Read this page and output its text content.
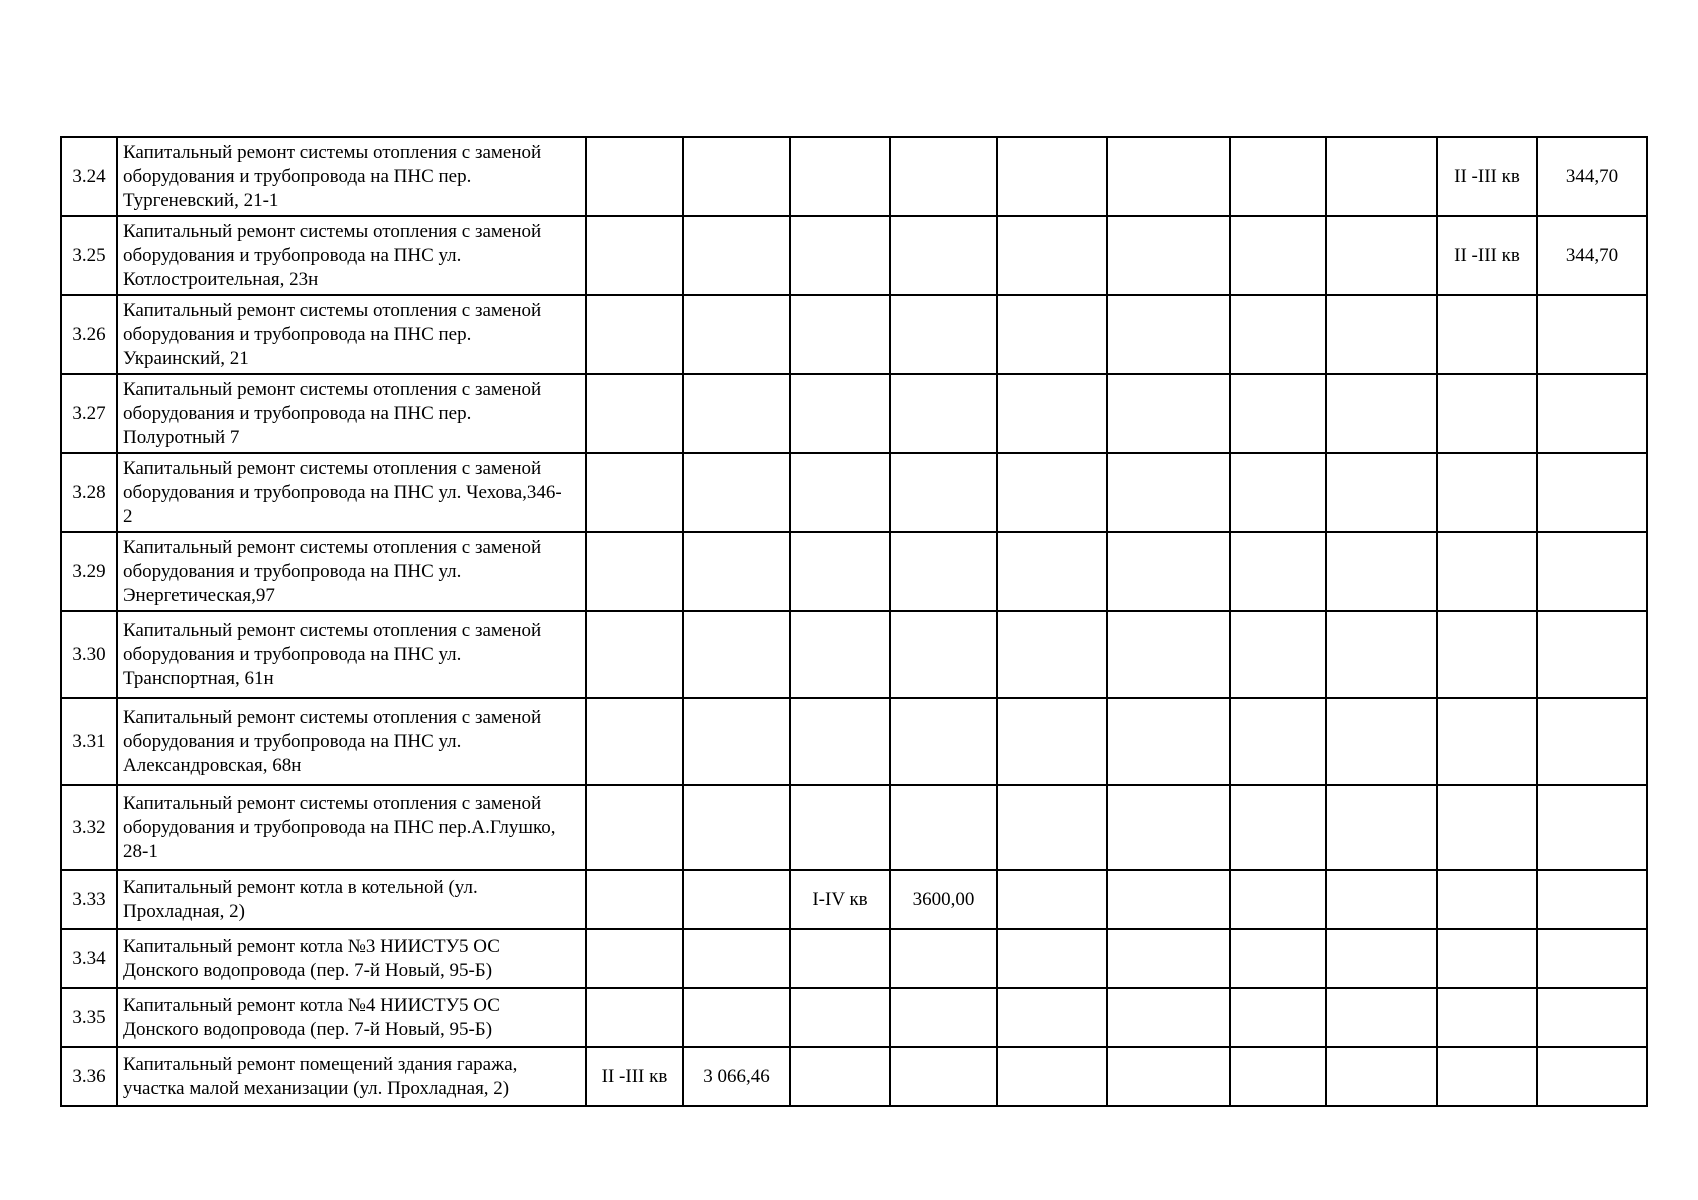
3.24	Капитальный ремонт системы отопления с заменой
оборудования и трубопровода на ПНС пер.
Тургеневский, 21-1									II -III кв	344,70		
3.25	Капитальный ремонт системы отопления с заменой
оборудования и трубопровода на ПНС ул.
Котлостроительная, 23н									II -III кв	344,70		
3.26	Капитальный ремонт системы отопления с заменой
оборудования и трубопровода на ПНС пер.
Украинский, 21												
3.27	Капитальный ремонт системы отопления с заменой
оборудования и трубопровода на ПНС пер.
Полуротный 7												
3.28	Капитальный ремонт системы отопления с заменой
оборудования и трубопровода на ПНС ул. Чехова,346-
2												
3.29	Капитальный ремонт системы отопления с заменой
оборудования и трубопровода на ПНС ул.
Энергетическая,97												
3.30	Капитальный ремонт системы отопления с заменой
оборудования и трубопровода на ПНС ул.
Транспортная, 61н												
3.31	Капитальный ремонт системы отопления с заменой
оборудования и трубопровода на ПНС ул.
Александровская, 68н												
3.32	Капитальный ремонт системы отопления с заменой
оборудования и трубопровода на ПНС пер.А.Глушко,
28-1												
3.33	Капитальный ремонт котла в котельной (ул.
Прохладная, 2)			I-IV кв	3600,00								
3.34	Капитальный ремонт котла №3 НИИСТУ5 ОС
Донского водопровода (пер. 7-й Новый, 95-Б)												
3.35	Капитальный ремонт котла №4 НИИСТУ5 ОС
Донского водопровода (пер. 7-й Новый, 95-Б)												
3.36	Капитальный ремонт помещений здания гаража,
участка малой механизации (ул. Прохладная, 2)	II -III кв	3 066,46										
